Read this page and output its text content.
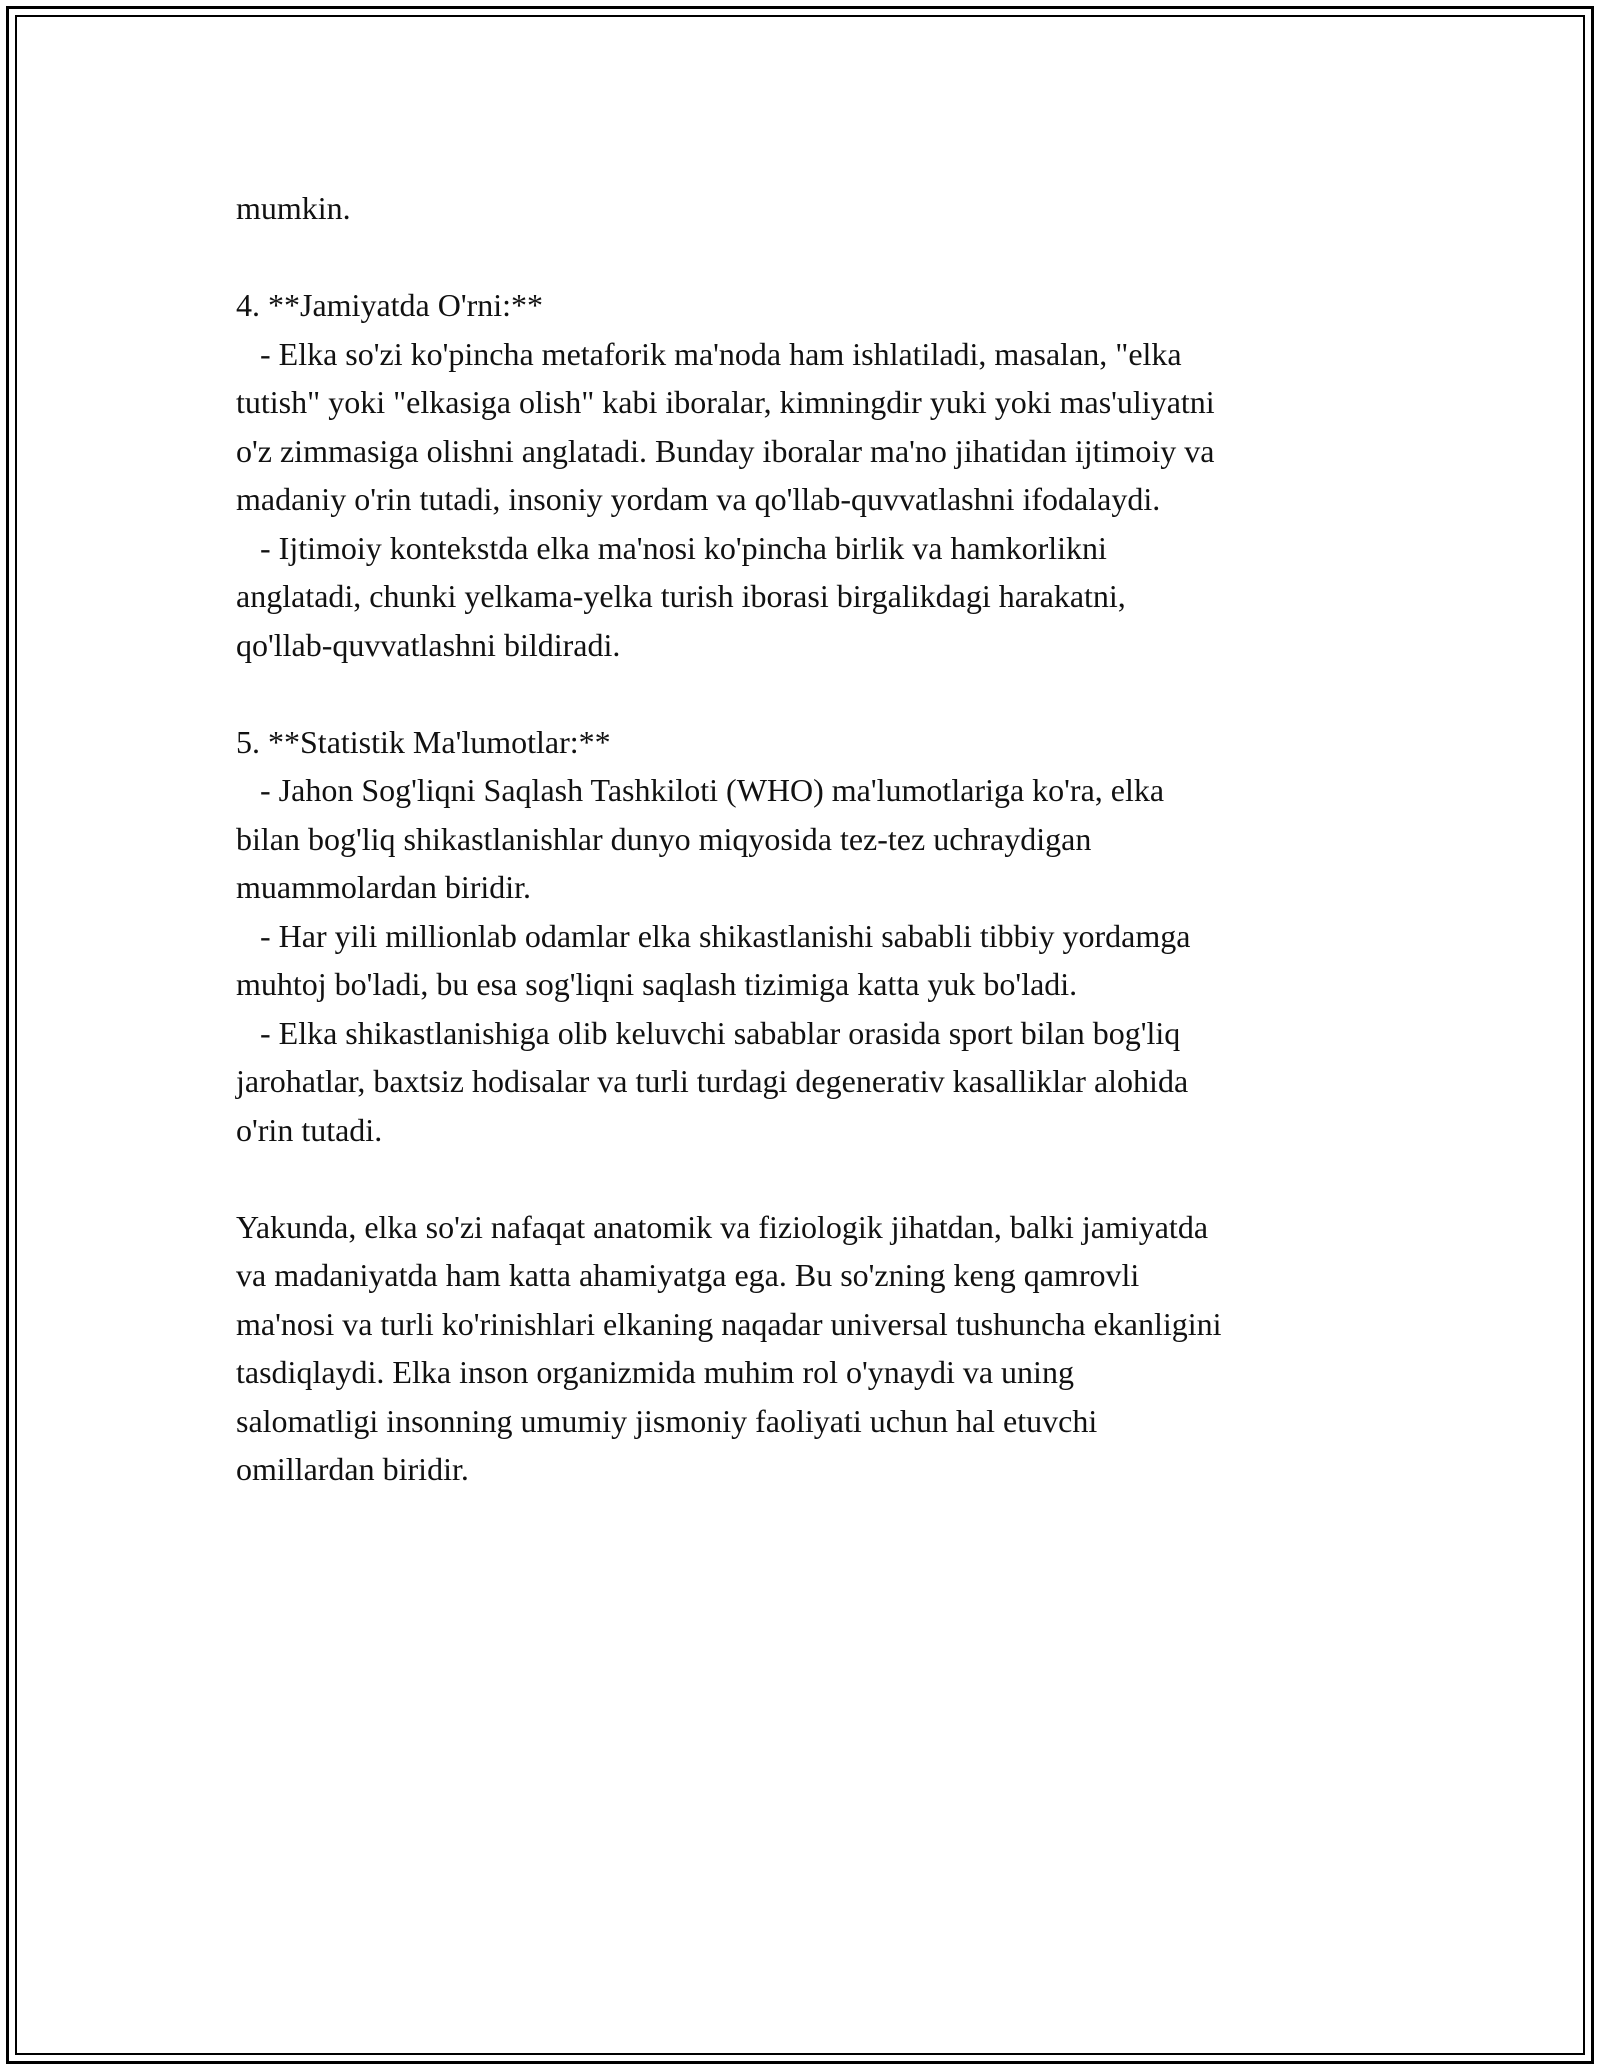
mumkin.

4. **Jamiyatda O'rni:**

- Elka so'zi ko'pincha metaforik ma'noda ham ishlatiladi, masalan, "elka

tutish" yoki "elkasiga olish" kabi iboralar, kimningdir yuki yoki mas'uliyatni

o'z zimmasiga olishni anglatadi. Bunday iboralar ma'no jihatidan ijtimoiy va

madaniy o'rin tutadi, insoniy yordam va qo'llab-quvvatlashni ifodalaydi.

- Ijtimoiy kontekstda elka ma'nosi ko'pincha birlik va hamkorlikni

anglatadi, chunki yelkama-yelka turish iborasi birgalikdagi harakatni,

qo'llab-quvvatlashni bildiradi.

5. **Statistik Ma'lumotlar:**

- Jahon Sog'liqni Saqlash Tashkiloti (WHO) ma'lumotlariga ko'ra, elka

bilan bog'liq shikastlanishlar dunyo miqyosida tez-tez uchraydigan

muammolardan biridir.

- Har yili millionlab odamlar elka shikastlanishi sababli tibbiy yordamga

muhtoj bo'ladi, bu esa sog'liqni saqlash tizimiga katta yuk bo'ladi.

- Elka shikastlanishiga olib keluvchi sabablar orasida sport bilan bog'liq

jarohatlar, baxtsiz hodisalar va turli turdagi degenerativ kasalliklar alohida

o'rin tutadi.

Yakunda, elka so'zi nafaqat anatomik va fiziologik jihatdan, balki jamiyatda

va madaniyatda ham katta ahamiyatga ega. Bu so'zning keng qamrovli

ma'nosi va turli ko'rinishlari elkaning naqadar universal tushuncha ekanligini

tasdiqlaydi. Elka inson organizmida muhim rol o'ynaydi va uning

salomatligi insonning umumiy jismoniy faoliyati uchun hal etuvchi

omillardan biridir.
